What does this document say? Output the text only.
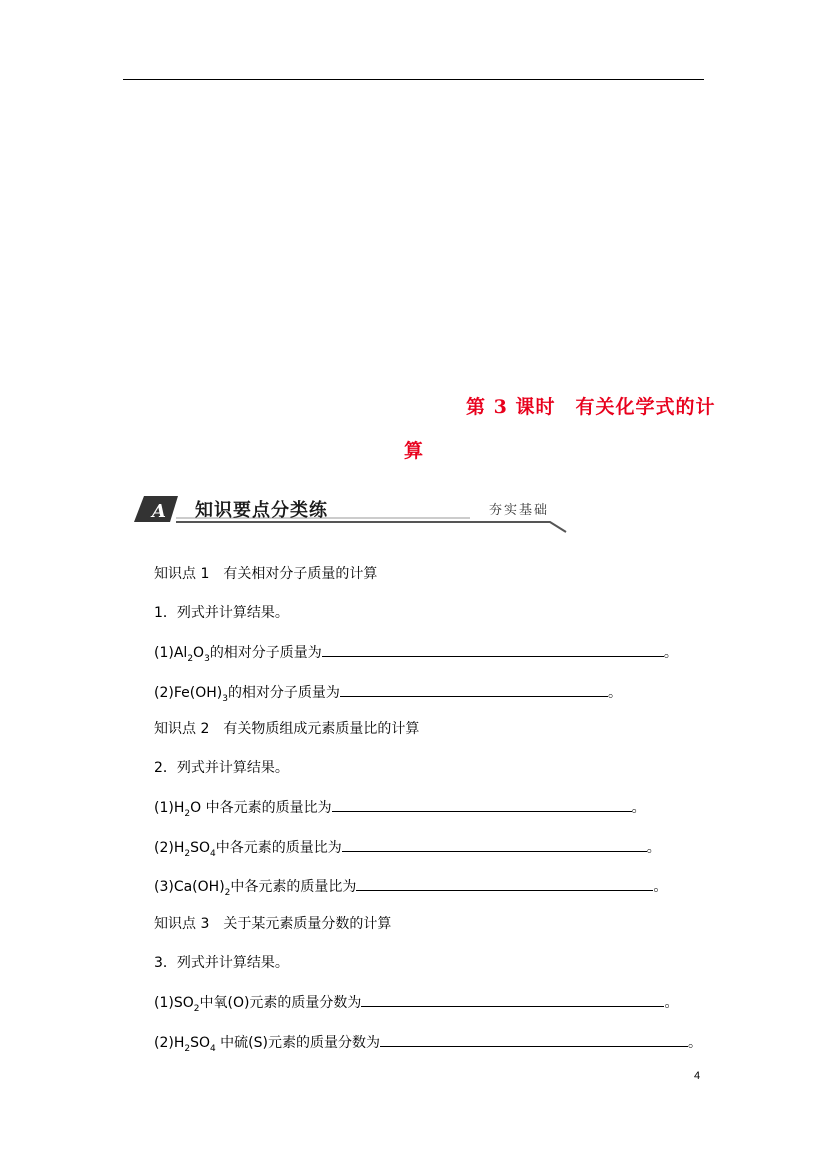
第 3 课时　有关化学式的计
算
A 知识要点分类练	夯实基础
知识点 1　有关相对分子质量的计算
1．列式并计算结果。
$(1)Al_2O_3$的相对分子质量为	。
$(2)Fe(OH)_3$的相对分子质量为	。
知识点 2　有关物质组成元素质量比的计算
2．列式并计算结果。
$(1)H_2O$ 中各元素的质量比为	。
$(2)H_2SO_4$中各元素的质量比为	。
$(3)Ca(OH)_2$中各元素的质量比为	。
知识点 3　关于某元素质量分数的计算
3．列式并计算结果。
$(1)SO_2$中氧(O)元素的质量分数为	。
$(2)H_2SO_4$ 中硫(S)元素的质量分数为	。
4
